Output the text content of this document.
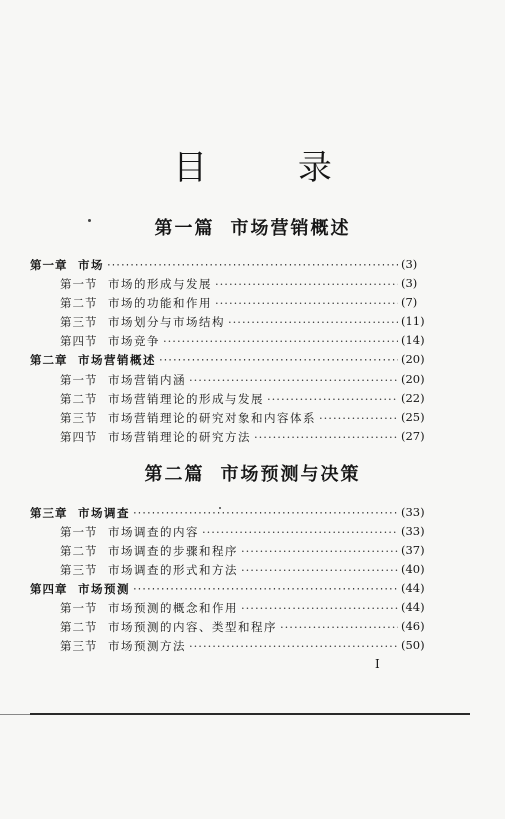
目 录
第一篇 市场营销概述
第一章 市场 ·····	(3)
第一节 市场的形成与发展 ·····	(3)
第二节 市场的功能和作用 ·····	(7)
第三节 市场划分与市场结构 ·····	(11)
第四节 市场竞争 ·····	(14)
第二章 市场营销概述 ·····	(20)
第一节 市场营销内涵 ·····	(20)
第二节 市场营销理论的形成与发展 ·····	(22)
第三节 市场营销理论的研究对象和内容体系 ·····	(25)
第四节 市场营销理论的研究方法 ·····	(27)
第二篇 市场预测与决策
第三章 市场调查 ·····	(33)
第一节 市场调查的内容 ·····	(33)
第二节 市场调查的步骤和程序 ·····	(37)
第三节 市场调查的形式和方法 ·····	(40)
第四章 市场预测 ·····	(44)
第一节 市场预测的概念和作用 ·····	(44)
第二节 市场预测的内容、类型和程序 ·····	(46)
第三节 市场预测方法 ·····	(50)
I
